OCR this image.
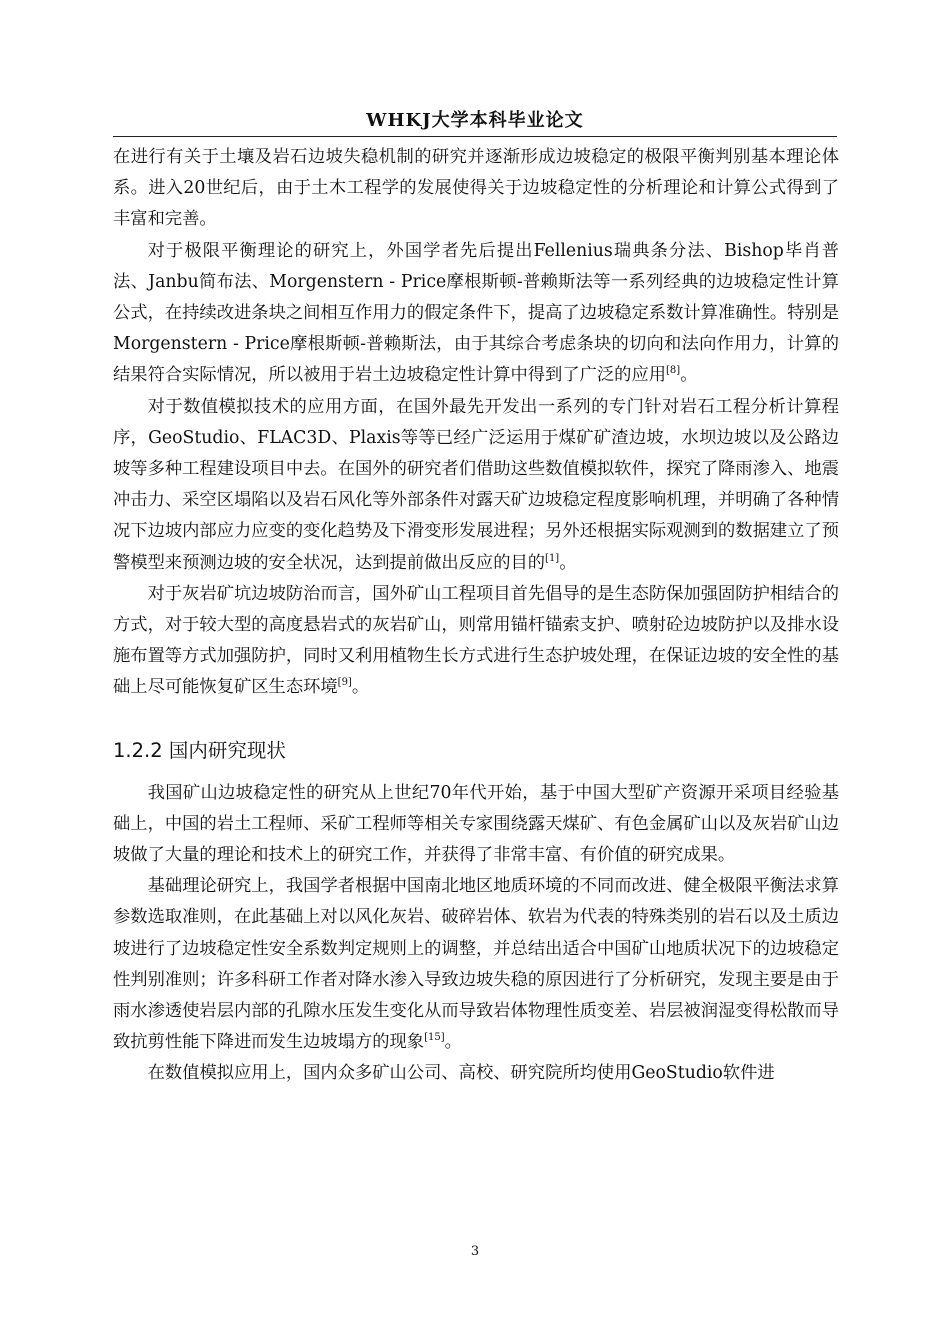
WHKJ大学本科毕业论文

在进行有关于土壤及岩石边坡失稳机制的研究并逐渐形成边坡稳定的极限平衡判别基本理论体系。进入20世纪后，由于土木工程学的发展使得关于边坡稳定性的分析理论和计算公式得到了丰富和完善。

对于极限平衡理论的研究上，外国学者先后提出Fellenius瑞典条分法、Bishop毕肖普法、Janbu简布法、Morgenstern - Price摩根斯顿-普赖斯法等一系列经典的边坡稳定性计算公式，在持续改进条块之间相互作用力的假定条件下，提高了边坡稳定系数计算准确性。特别是Morgenstern - Price摩根斯顿-普赖斯法，由于其综合考虑条块的切向和法向作用力，计算的结果符合实际情况，所以被用于岩土边坡稳定性计算中得到了广泛的应用[8]。

对于数值模拟技术的应用方面，在国外最先开发出一系列的专门针对岩石工程分析计算程序，GeoStudio、FLAC3D、Plaxis等等已经广泛运用于煤矿矿渣边坡，水坝边坡以及公路边坡等多种工程建设项目中去。在国外的研究者们借助这些数值模拟软件，探究了降雨渗入、地震冲击力、采空区塌陷以及岩石风化等外部条件对露天矿边坡稳定程度影响机理，并明确了各种情况下边坡内部应力应变的变化趋势及下滑变形发展进程；另外还根据实际观测到的数据建立了预警模型来预测边坡的安全状况，达到提前做出反应的目的[1]。

对于灰岩矿坑边坡防治而言，国外矿山工程项目首先倡导的是生态防保加强固防护相结合的方式，对于较大型的高度悬岩式的灰岩矿山，则常用锚杆锚索支护、喷射砼边坡防护以及排水设施布置等方式加强防护，同时又利用植物生长方式进行生态护坡处理，在保证边坡的安全性的基础上尽可能恢复矿区生态环境[9]。

1.2.2 国内研究现状

我国矿山边坡稳定性的研究从上世纪70年代开始，基于中国大型矿产资源开采项目经验基础上，中国的岩土工程师、采矿工程师等相关专家围绕露天煤矿、有色金属矿山以及灰岩矿山边坡做了大量的理论和技术上的研究工作，并获得了非常丰富、有价值的研究成果。

基础理论研究上，我国学者根据中国南北地区地质环境的不同而改进、健全极限平衡法求算参数选取准则，在此基础上对以风化灰岩、破碎岩体、软岩为代表的特殊类别的岩石以及土质边坡进行了边坡稳定性安全系数判定规则上的调整，并总结出适合中国矿山地质状况下的边坡稳定性判别准则；许多科研工作者对降水渗入导致边坡失稳的原因进行了分析研究，发现主要是由于雨水渗透使岩层内部的孔隙水压发生变化从而导致岩体物理性质变差、岩层被润湿变得松散而导致抗剪性能下降进而发生边坡塌方的现象[15]。

在数值模拟应用上，国内众多矿山公司、高校、研究院所均使用GeoStudio软件进

3
